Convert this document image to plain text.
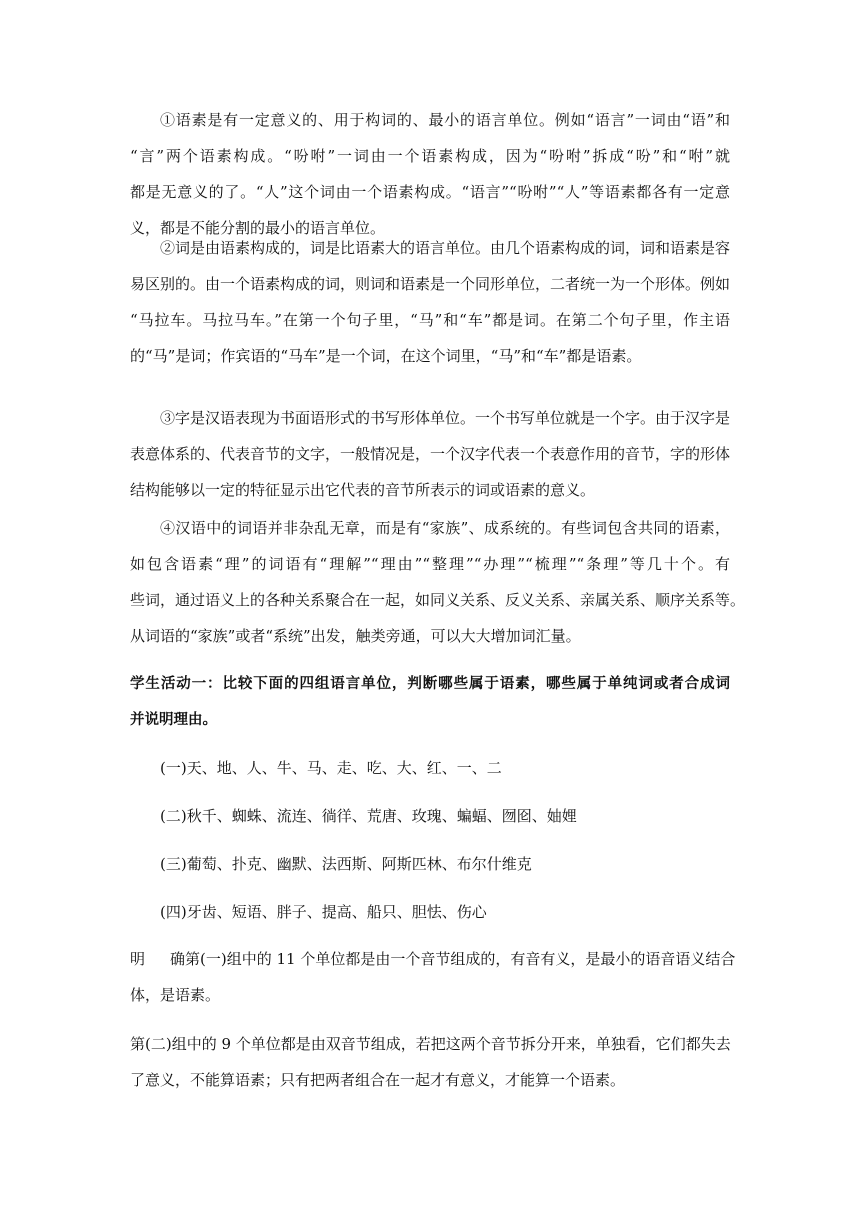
①语素是有一定意义的、用于构词的、最小的语言单位。例如“语言”一词由“语”和
“言”两个语素构成。“吩咐”一词由一个语素构成，因为“吩咐”拆成“吩”和“咐”就
都是无意义的了。“人”这个词由一个语素构成。“语言”“吩咐”“人”等语素都各有一定意
义，都是不能分割的最小的语言单位。
②词是由语素构成的，词是比语素大的语言单位。由几个语素构成的词，词和语素是容
易区别的。由一个语素构成的词，则词和语素是一个同形单位，二者统一为一个形体。例如
“马拉车。马拉马车。”在第一个句子里，“马”和“车”都是词。在第二个句子里，作主语
的“马”是词；作宾语的“马车”是一个词，在这个词里，“马”和“车”都是语素。
③字是汉语表现为书面语形式的书写形体单位。一个书写单位就是一个字。由于汉字是
表意体系的、代表音节的文字，一般情况是，一个汉字代表一个表意作用的音节，字的形体
结构能够以一定的特征显示出它代表的音节所表示的词或语素的意义。
④汉语中的词语并非杂乱无章，而是有“家族”、成系统的。有些词包含共同的语素，
如包含语素“理”的词语有“理解”“理由”“整理”“办理”“梳理”“条理”等几十个。有
些词，通过语义上的各种关系聚合在一起，如同义关系、反义关系、亲属关系、顺序关系等。
从词语的“家族”或者“系统”出发，触类旁通，可以大大增加词汇量。
学生活动一：比较下面的四组语言单位，判断哪些属于语素，哪些属于单纯词或者合成词
并说明理由。
(一)天、地、人、牛、马、走、吃、大、红、一、二
(二)秋千、蜘蛛、流连、徜徉、荒唐、玫瑰、蝙蝠、囫囵、妯娌
(三)葡萄、扑克、幽默、法西斯、阿斯匹林、布尔什维克
(四)牙齿、短语、胖子、提高、船只、胆怯、伤心
明确第(一)组中的 11 个单位都是由一个音节组成的，有音有义，是最小的语音语义结合
体，是语素。
第(二)组中的 9 个单位都是由双音节组成，若把这两个音节拆分开来，单独看，它们都失去
了意义，不能算语素；只有把两者组合在一起才有意义，才能算一个语素。
